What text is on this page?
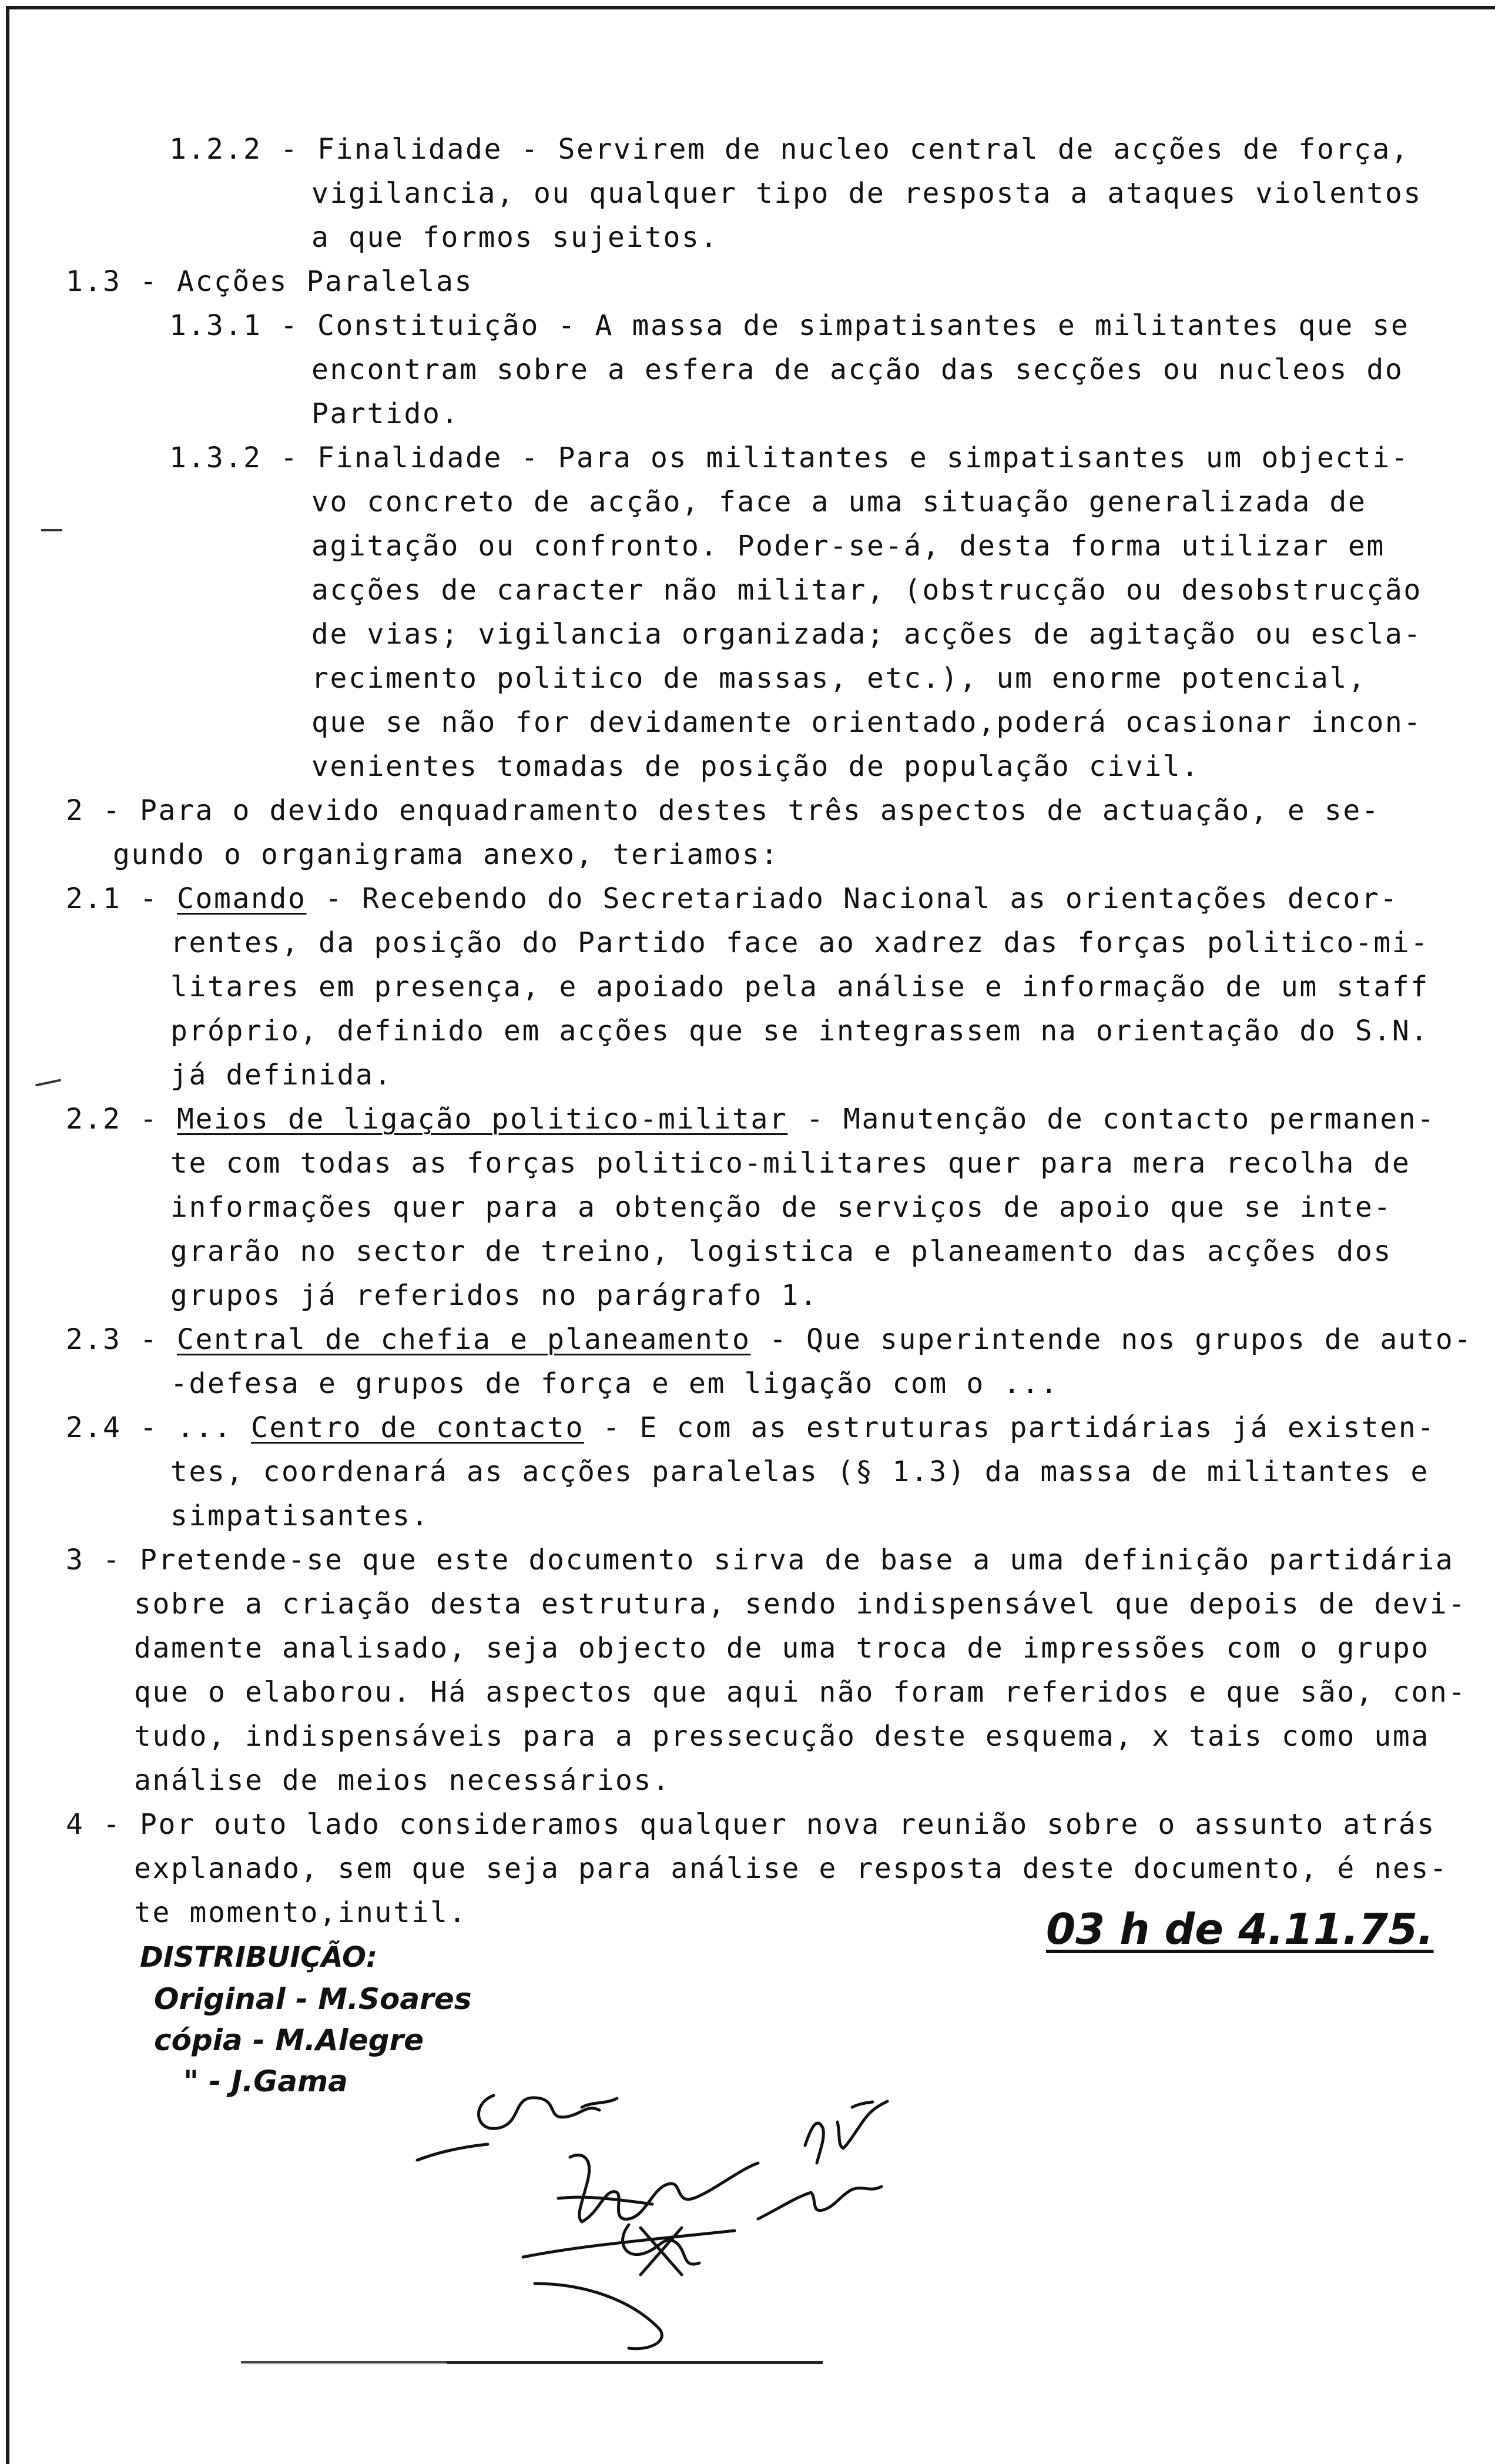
1.2.2 - Finalidade - Servirem de nucleo central de acções de força,
vigilancia, ou qualquer tipo de resposta a ataques violentos
a que formos sujeitos.
1.3 - Acções Paralelas
1.3.1 - Constituição - A massa de simpatisantes e militantes que se
encontram sobre a esfera de acção das secções ou nucleos do
Partido.
1.3.2 - Finalidade - Para os militantes e simpatisantes um objecti-
vo concreto de acção, face a uma situação generalizada de
agitação ou confronto. Poder-se-á, desta forma utilizar em
acções de caracter não militar, (obstrucção ou desobstrucção
de vias; vigilancia organizada; acções de agitação ou escla-
recimento politico de massas, etc.), um enorme potencial,
que se não for devidamente orientado,poderá ocasionar incon-
venientes tomadas de posição de população civil.
2 - Para o devido enquadramento destes três aspectos de actuação, e se-
gundo o organigrama anexo, teriamos:
2.1 - Comando - Recebendo do Secretariado Nacional as orientações decor-
rentes, da posição do Partido face ao xadrez das forças politico-mi-
litares em presença, e apoiado pela análise e informação de um staff
próprio, definido em acções que se integrassem na orientação do S.N.
já definida.
2.2 - Meios de ligação politico-militar - Manutenção de contacto permanen-
te com todas as forças politico-militares quer para mera recolha de
informações quer para a obtenção de serviços de apoio que se inte-
grarão no sector de treino, logistica e planeamento das acções dos
grupos já referidos no parágrafo 1.
2.3 - Central de chefia e planeamento - Que superintende nos grupos de auto-
-defesa e grupos de força e em ligação com o ...
2.4 - ... Centro de contacto - E com as estruturas partidárias já existen-
tes, coordenará as acções paralelas (§ 1.3) da massa de militantes e
simpatisantes.
3 - Pretende-se que este documento sirva de base a uma definição partidária
sobre a criação desta estrutura, sendo indispensável que depois de devi-
damente analisado, seja objecto de uma troca de impressões com o grupo
que o elaborou. Há aspectos que aqui não foram referidos e que são, con-
tudo, indispensáveis para a pressecução deste esquema, x tais como uma
análise de meios necessários.
4 - Por outo lado consideramos qualquer nova reunião sobre o assunto atrás
explanado, sem que seja para análise e resposta deste documento, é nes-
te momento,inutil.	03 h de 4.11.75.
DISTRIBUIÇÃO:
Original - M.Soares
cópia - M.Alegre
" - J.Gama
